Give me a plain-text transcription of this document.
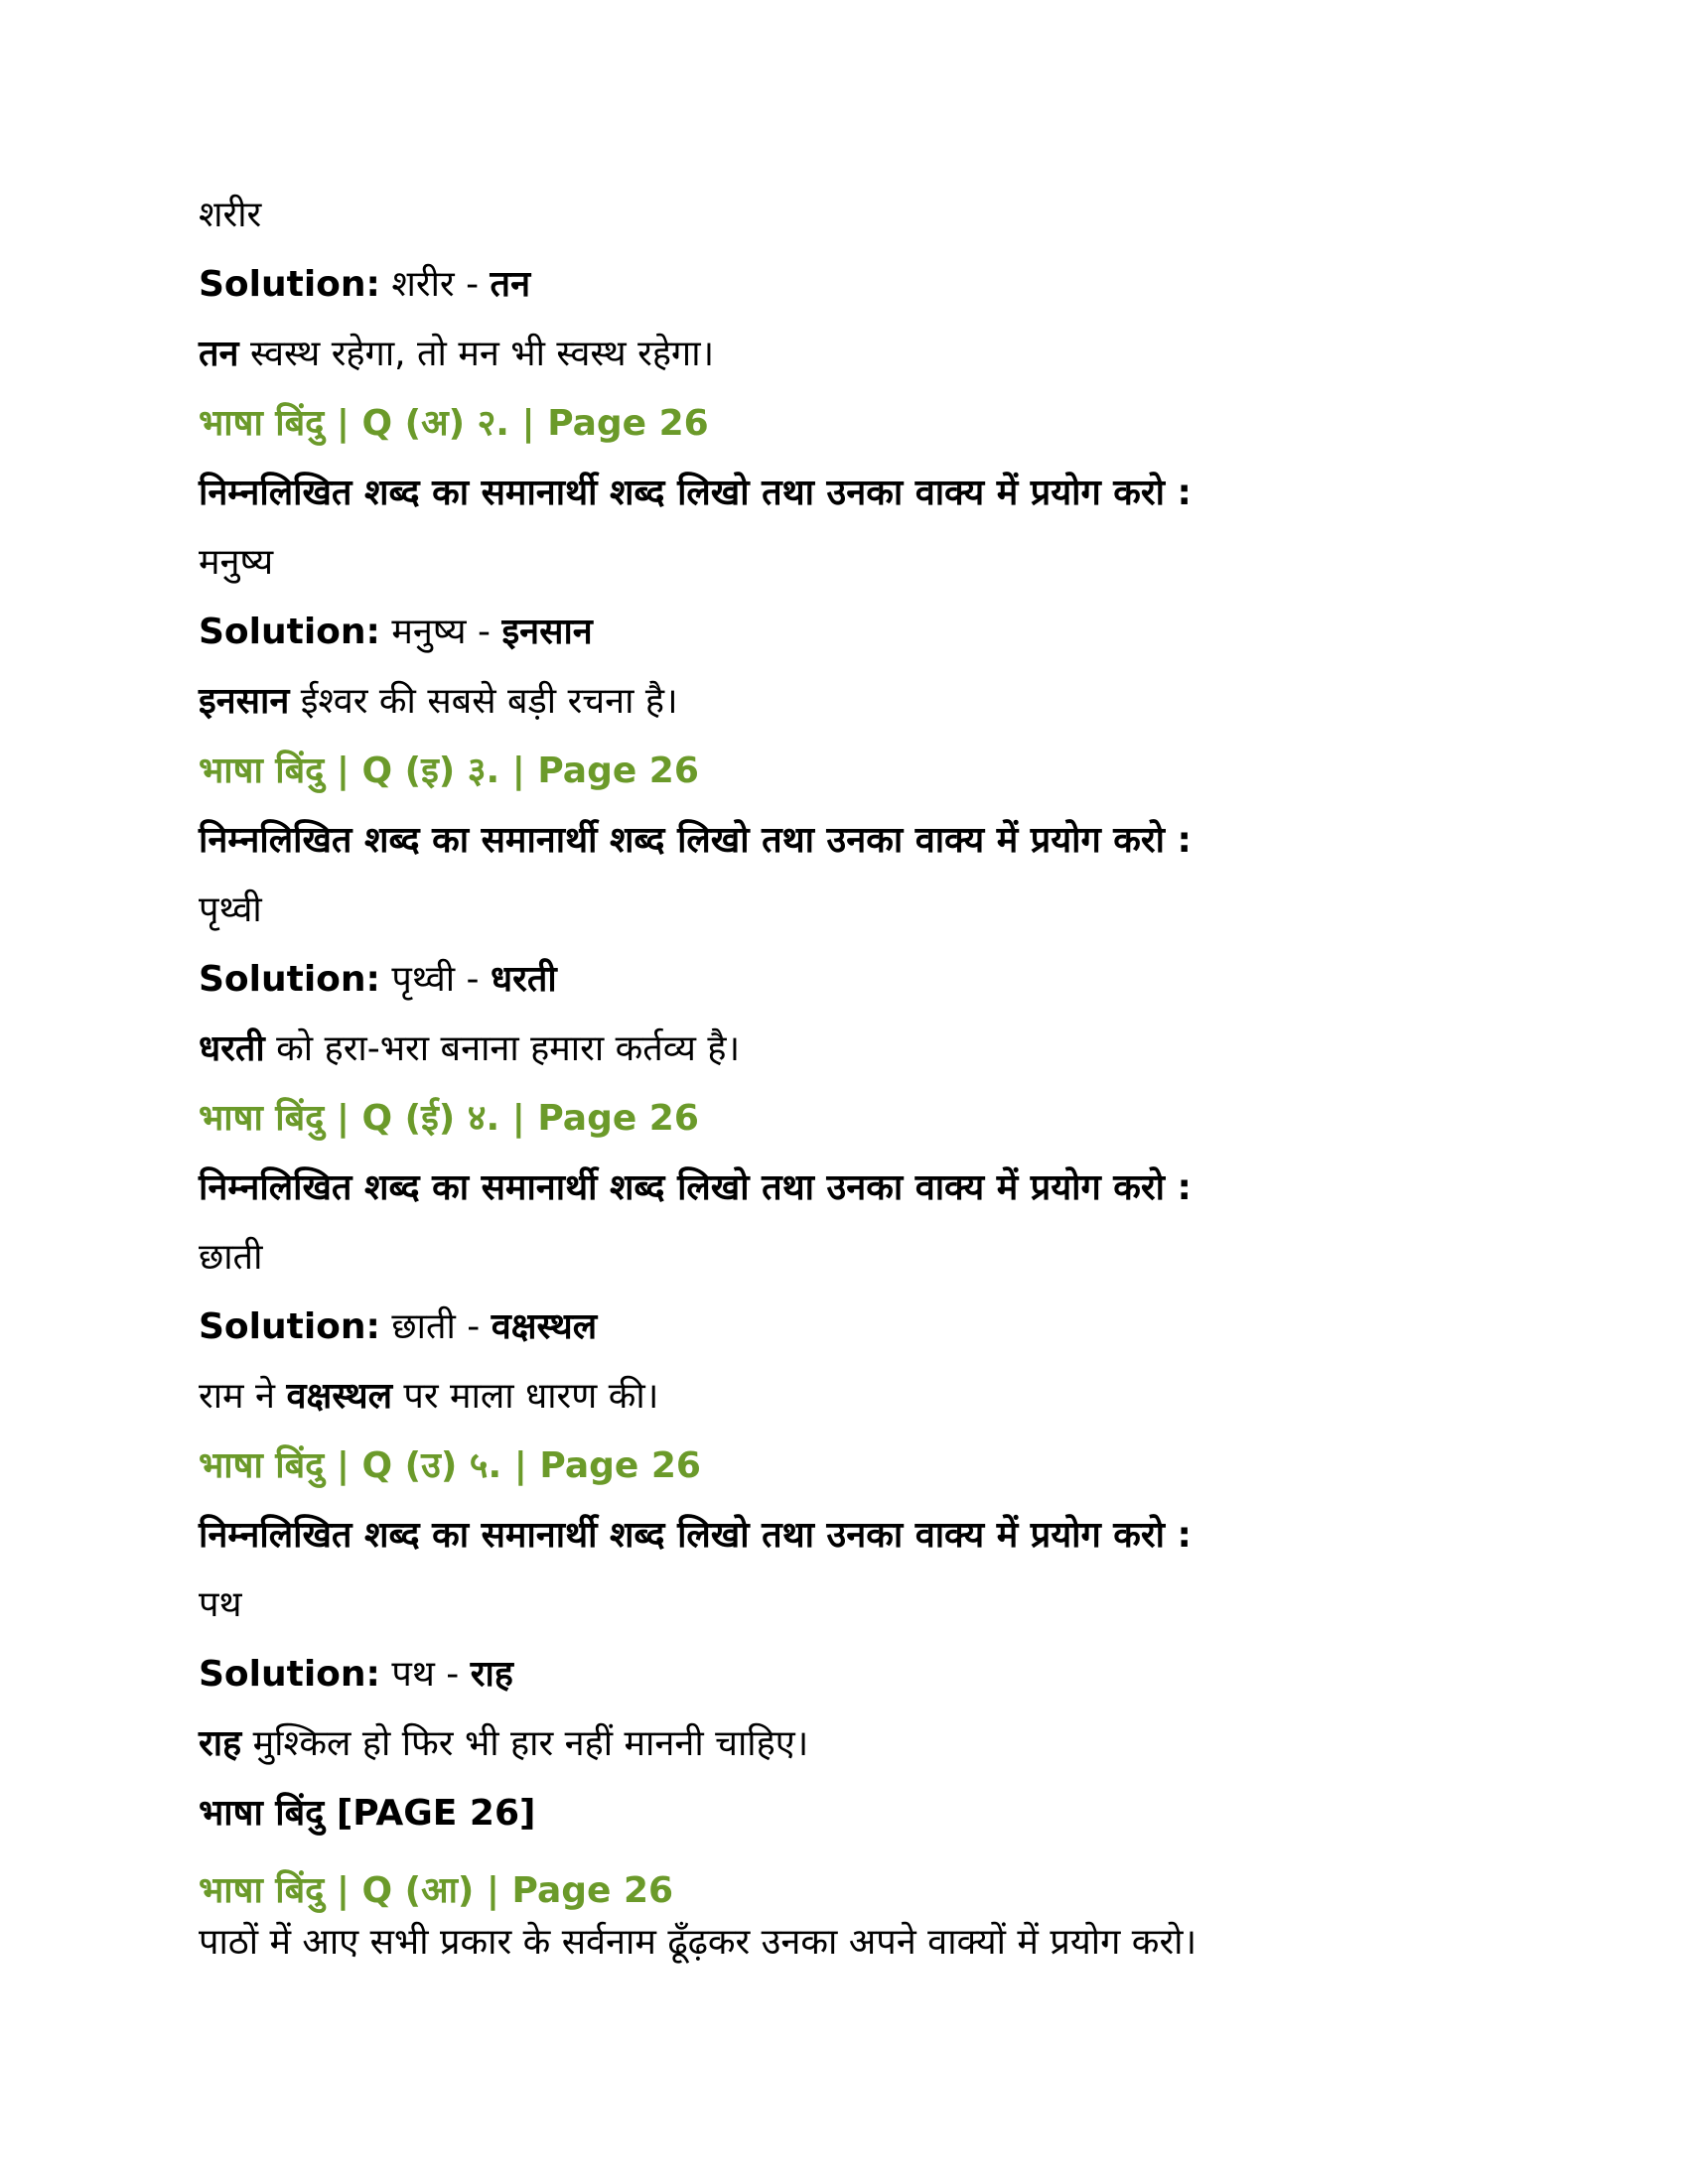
शरीर
Solution: शरीर - तन
तन स्वस्थ रहेगा, तो मन भी स्वस्थ रहेगा।
भाषा बिंदु | Q (अ) २. | Page 26
निम्नलिखित शब्द का समानार्थी शब्द लिखो तथा उनका वाक्य में प्रयोग करो :
मनुष्य
Solution: मनुष्य - इनसान
इनसान ईश्वर की सबसे बड़ी रचना है।
भाषा बिंदु | Q (इ) ३. | Page 26
निम्नलिखित शब्द का समानार्थी शब्द लिखो तथा उनका वाक्य में प्रयोग करो :
पृथ्वी
Solution: पृथ्वी - धरती
धरती को हरा-भरा बनाना हमारा कर्तव्य है।
भाषा बिंदु | Q (ई) ४. | Page 26
निम्नलिखित शब्द का समानार्थी शब्द लिखो तथा उनका वाक्य में प्रयोग करो :
छाती
Solution: छाती - वक्षस्थल
राम ने वक्षस्थल पर माला धारण की।
भाषा बिंदु | Q (उ) ५. | Page 26
निम्नलिखित शब्द का समानार्थी शब्द लिखो तथा उनका वाक्य में प्रयोग करो :
पथ
Solution: पथ - राह
राह मुश्किल हो फिर भी हार नहीं माननी चाहिए।
भाषा बिंदु [PAGE 26]
भाषा बिंदु | Q (आ) | Page 26
पाठों में आए सभी प्रकार के सर्वनाम ढूँढ़कर उनका अपने वाक्यों में प्रयोग करो।
